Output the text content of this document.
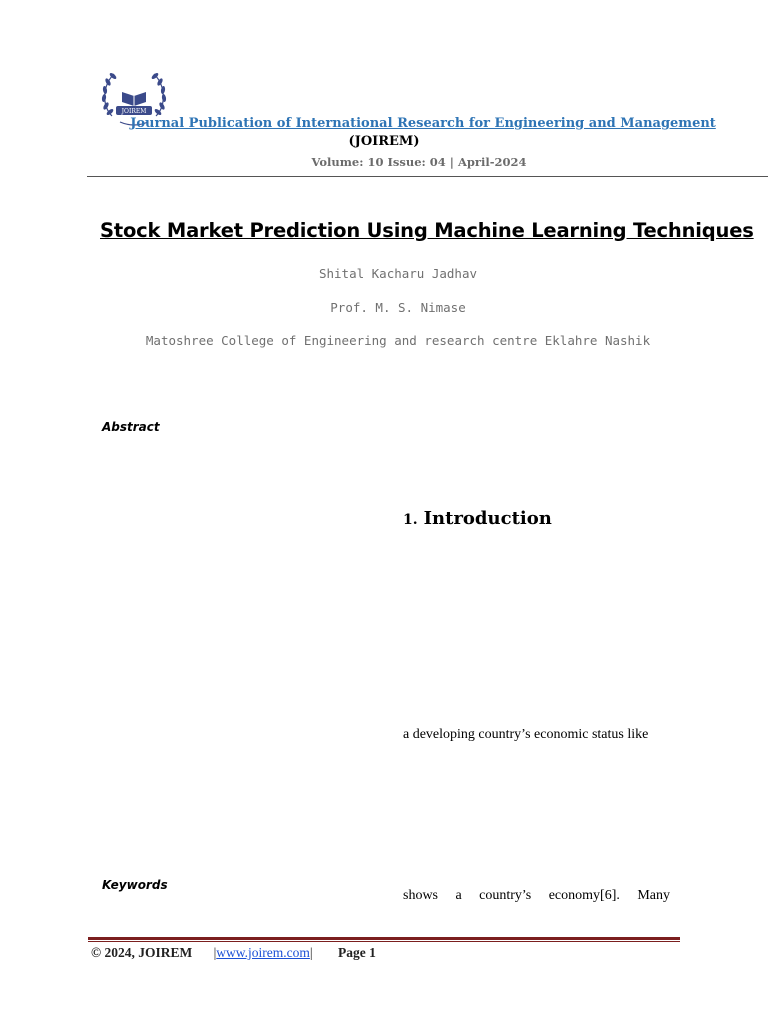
JOIREM
Journal Publication of International Research for Engineering and Management
(JOIREM)
Volume: 10 Issue: 04 | April-2024
Stock Market Prediction Using Machine Learning Techniques
Shital Kacharu Jadhav
Prof. M. S. Nimase
Matoshree College of Engineering and research centre Eklahre Nashik
Abstract
1. Introduction
a developing country’s economic status like
Keywords
shows a country’s economy[6]. Many
© 2024, JOIREM |www.joirem.com| Page 1
